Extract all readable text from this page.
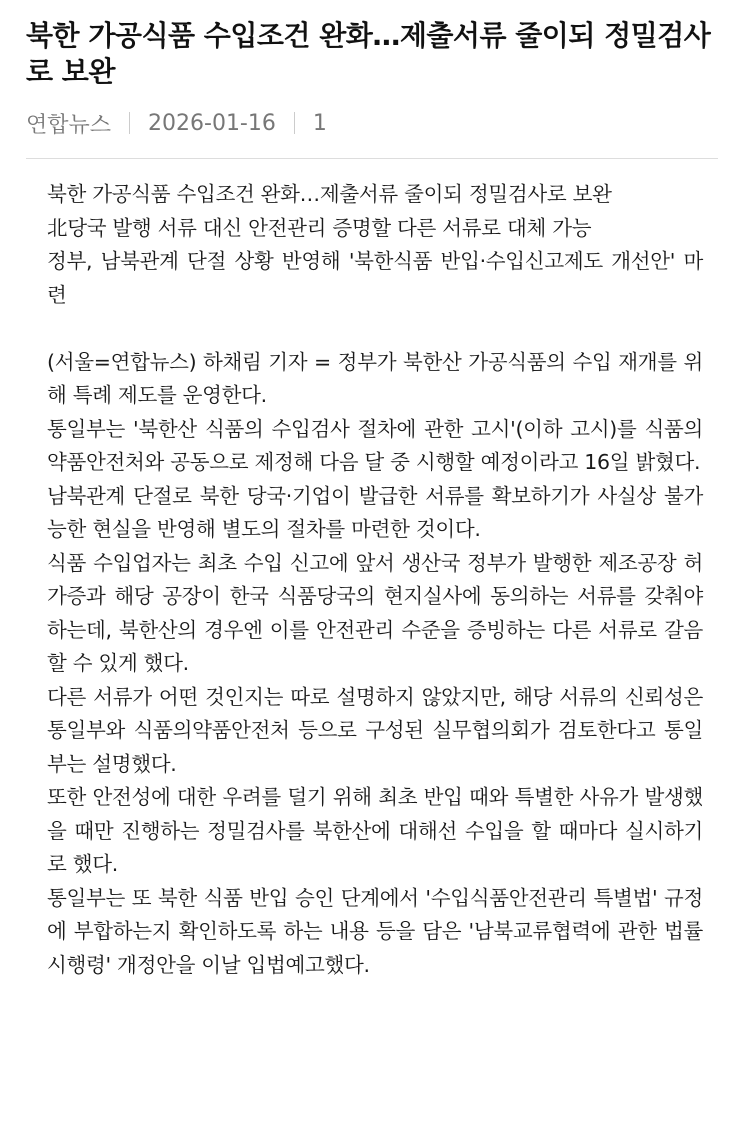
북한 가공식품 수입조건 완화…제출서류 줄이되 정밀검사로 보완
연합뉴스 2026-01-16 1

북한 가공식품 수입조건 완화…제출서류 줄이되 정밀검사로 보완

北당국 발행 서류 대신 안전관리 증명할 다른 서류로 대체 가능

정부, 남북관계 단절 상황 반영해 '북한식품 반입·수입신고제도 개선안' 마련

(서울=연합뉴스) 하채림 기자 = 정부가 북한산 가공식품의 수입 재개를 위해 특례 제도를 운영한다.

통일부는 '북한산 식품의 수입검사 절차에 관한 고시'(이하 고시)를 식품의약품안전처와 공동으로 제정해 다음 달 중 시행할 예정이라고 16일 밝혔다.

남북관계 단절로 북한 당국·기업이 발급한 서류를 확보하기가 사실상 불가능한 현실을 반영해 별도의 절차를 마련한 것이다.

식품 수입업자는 최초 수입 신고에 앞서 생산국 정부가 발행한 제조공장 허가증과 해당 공장이 한국 식품당국의 현지실사에 동의하는 서류를 갖춰야 하는데, 북한산의 경우엔 이를 안전관리 수준을 증빙하는 다른 서류로 갈음할 수 있게 했다.

다른 서류가 어떤 것인지는 따로 설명하지 않았지만, 해당 서류의 신뢰성은 통일부와 식품의약품안전처 등으로 구성된 실무협의회가 검토한다고 통일부는 설명했다.

또한 안전성에 대한 우려를 덜기 위해 최초 반입 때와 특별한 사유가 발생했을 때만 진행하는 정밀검사를 북한산에 대해선 수입을 할 때마다 실시하기로 했다.

통일부는 또 북한 식품 반입 승인 단계에서 '수입식품안전관리 특별법' 규정에 부합하는지 확인하도록 하는 내용 등을 담은 '남북교류협력에 관한 법률 시행령' 개정안을 이날 입법예고했다.
